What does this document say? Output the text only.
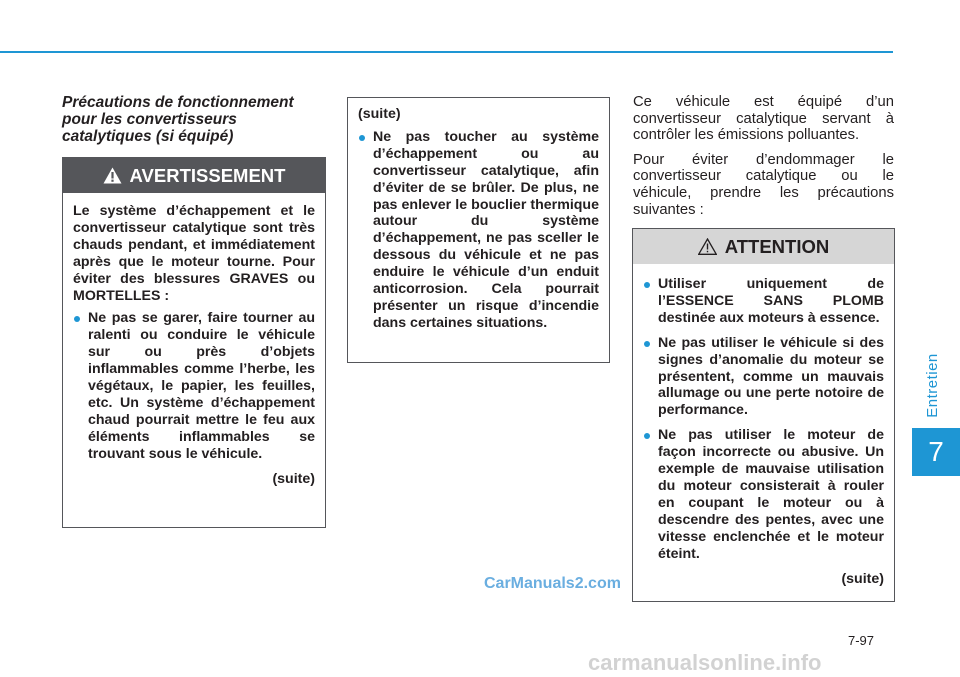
Entretien
7
Précautions de fonctionnement pour les convertisseurs catalytiques (si équipé)
AVERTISSEMENT

Le système d’échappement et le convertisseur catalytique sont très chauds pendant, et immédiatement après que le moteur tourne. Pour éviter des blessures GRAVES ou MORTELLES :

Ne pas se garer, faire tourner au ralenti ou conduire le véhicule sur ou près d’objets inflammables comme l’herbe, les végétaux, le papier, les feuilles, etc. Un système d’échappement chaud pourrait mettre le feu aux éléments inflammables se trouvant sous le véhicule.
(suite)

(suite)

Ne pas toucher au système d’échappement ou au convertisseur catalytique, afin d’éviter de se brûler. De plus, ne pas enlever le bouclier thermique autour du système d’échappement, ne pas sceller le dessous du véhicule et ne pas enduire le véhicule d’un enduit anticorrosion. Cela pourrait présenter un risque d’incendie dans certaines situations.

Ce véhicule est équipé d’un convertisseur catalytique servant à contrôler les émissions polluantes.

Pour éviter d’endommager le convertisseur catalytique ou le véhicule, prendre les précautions suivantes :

ATTENTION
Utiliser uniquement de l’ESSENCE SANS PLOMB destinée aux moteurs à essence.
Ne pas utiliser le véhicule si des signes d’anomalie du moteur se présentent, comme un mauvais allumage ou une perte notoire de performance.
Ne pas utiliser le moteur de façon incorrecte ou abusive. Un exemple de mauvaise utilisation du moteur consisterait à rouler en coupant le moteur ou à descendre des pentes, avec une vitesse enclenchée et le moteur éteint.
(suite)
CarManuals2.com
7-97
carmanualsonline.info
